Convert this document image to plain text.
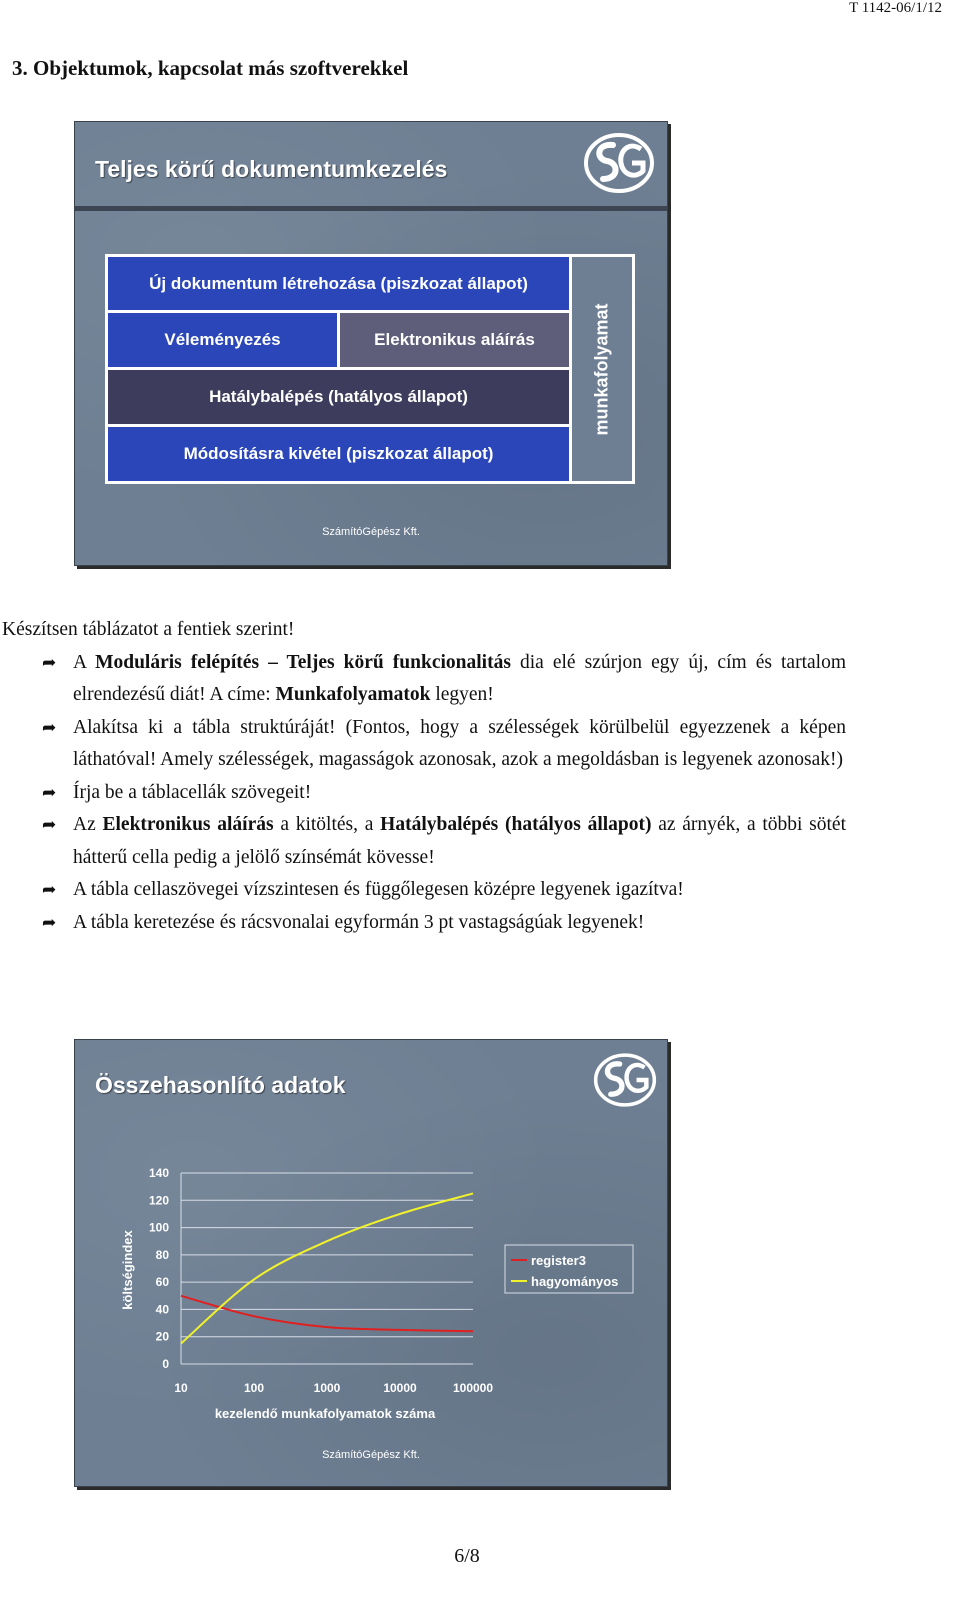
T 1142-06/1/12
3. Objektumok, kapcsolat más szoftverekkel
Teljes körű dokumentumkezelés
Új dokumentum létrehozása (piszkozat állapot)
Véleményezés	Elektronikus aláírás
Hatálybalépés (hatályos állapot)
Módosításra kivétel (piszkozat állapot)
munkafolyamat
SzámítóGépész Kft.
Készítsen táblázatot a fentiek szerint!
➦ A Moduláris felépítés – Teljes körű funkcionalitás dia elé szúrjon egy új, cím és tartalom elrendezésű diát! A címe: Munkafolyamatok legyen!
➦ Alakítsa ki a tábla struktúráját! (Fontos, hogy a szélességek körülbelül egyezzenek a képen láthatóval! Amely szélességek, magasságok azonosak, azok a megoldásban is legyenek azonosak!)
➦ Írja be a táblacellák szövegeit!
➦ Az Elektronikus aláírás a kitöltés, a Hatálybalépés (hatályos állapot) az árnyék, a többi sötét hátterű cella pedig a jelölő színsémát kövesse!
➦ A tábla cellaszövegei vízszintesen és függőlegesen középre legyenek igazítva!
➦ A tábla keretezése és rácsvonalai egyformán 3 pt vastagságúak legyenek!
Összehasonlító adatok
0
20
40
60
80
100
120
140
10	100	1000	10000	100000
költségindex
kezelendő munkafolyamatok száma
register3
hagyományos
SzámítóGépész Kft.
6/8
